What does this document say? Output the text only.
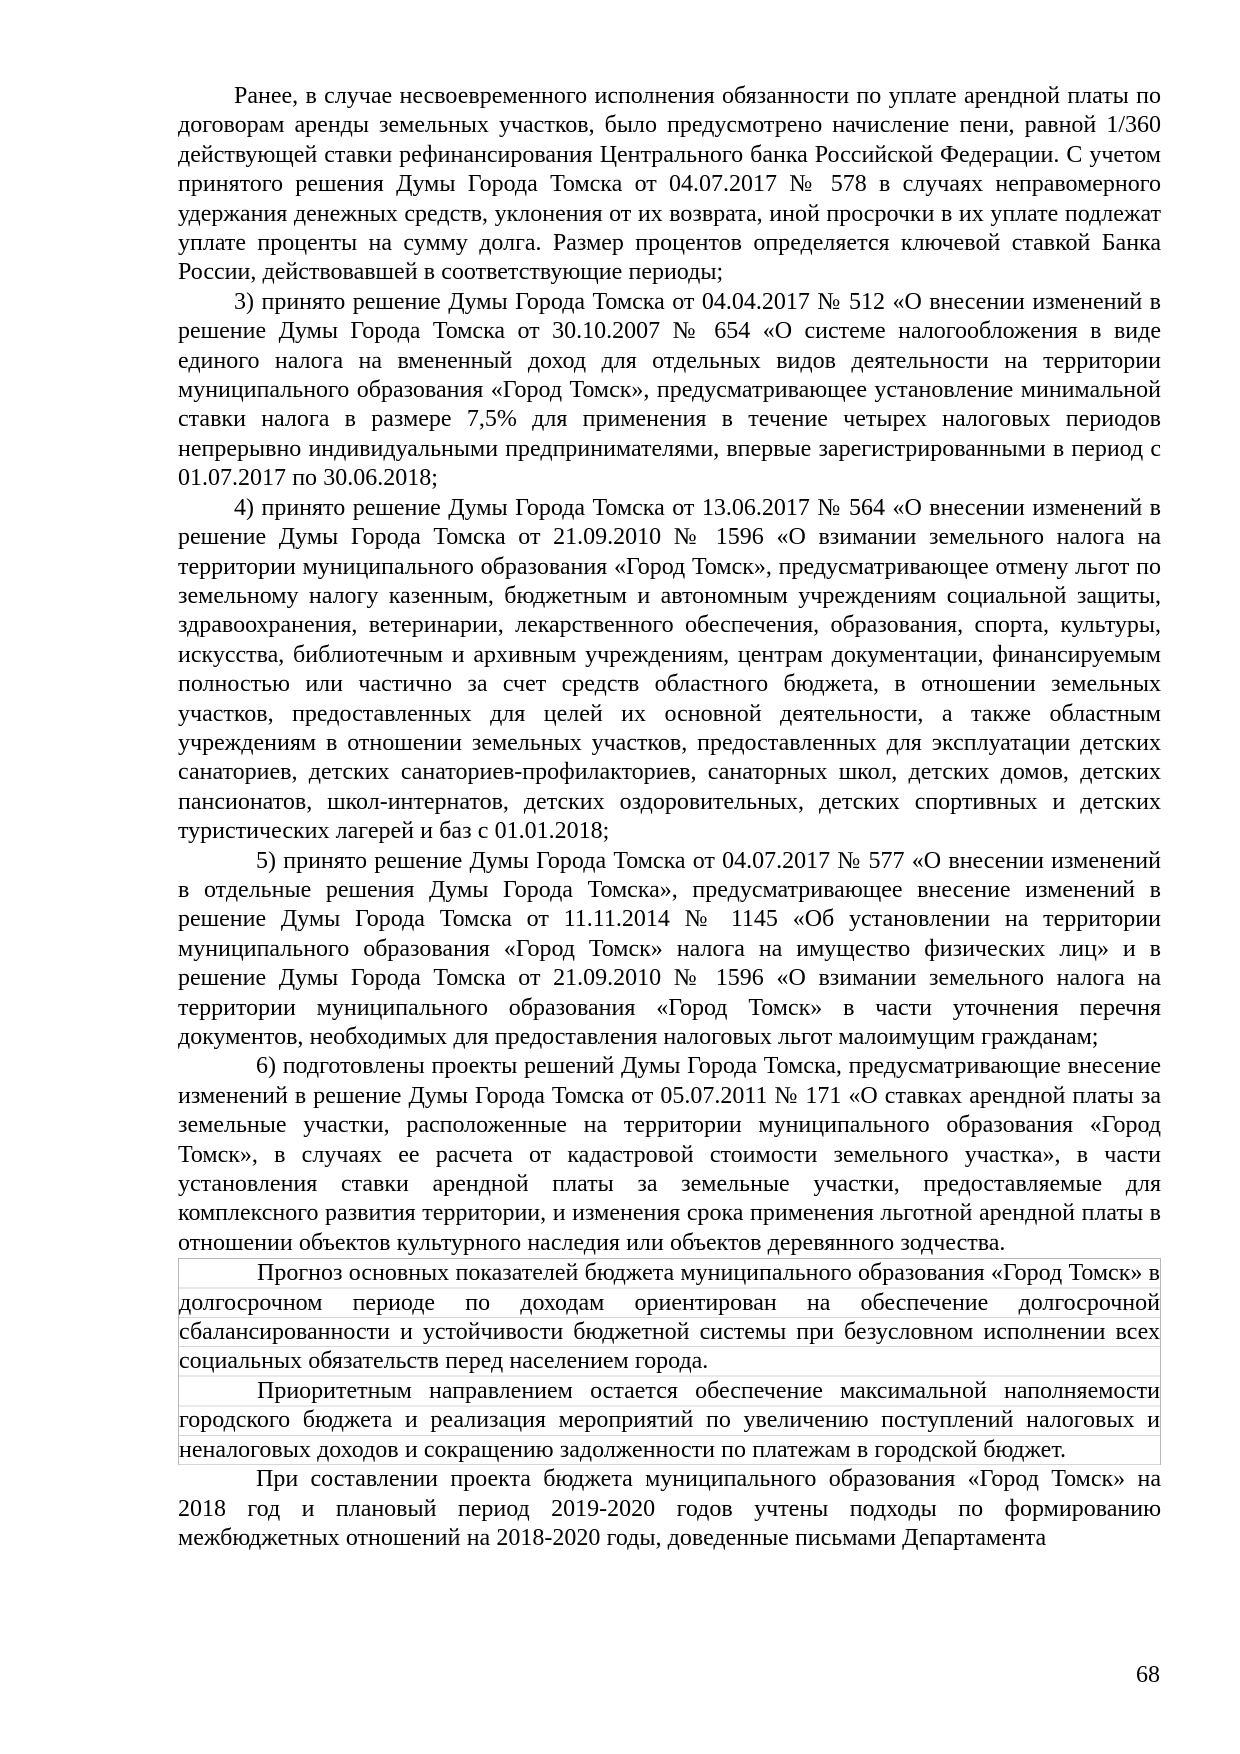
Ранее, в случае несвоевременного исполнения обязанности по уплате арендной платы по договорам аренды земельных участков, было предусмотрено начисление пени, равной 1/360 действующей ставки рефинансирования Центрального банка Российской Федерации. С учетом принятого решения Думы Города Томска от 04.07.2017 № 578 в случаях неправомерного удержания денежных средств, уклонения от их возврата, иной просрочки в их уплате подлежат уплате проценты на сумму долга. Размер процентов определяется ключевой ставкой Банка России, действовавшей в соответствующие периоды;

3) принято решение Думы Города Томска от 04.04.2017 № 512 «О внесении изменений в решение Думы Города Томска от 30.10.2007 № 654 «О системе налогообложения в виде единого налога на вмененный доход для отдельных видов деятельности на территории муниципального образования «Город Томск», предусматривающее установление минимальной ставки налога в размере 7,5% для применения в течение четырех налоговых периодов непрерывно индивидуальными предпринимателями, впервые зарегистрированными в период с 01.07.2017 по 30.06.2018;

4) принято решение Думы Города Томска от 13.06.2017 № 564 «О внесении изменений в решение Думы Города Томска от 21.09.2010 № 1596 «О взимании земельного налога на территории муниципального образования «Город Томск», предусматривающее отмену льгот по земельному налогу казенным, бюджетным и автономным учреждениям социальной защиты, здравоохранения, ветеринарии, лекарственного обеспечения, образования, спорта, культуры, искусства, библиотечным и архивным учреждениям, центрам документации, финансируемым полностью или частично за счет средств областного бюджета, в отношении земельных участков, предоставленных для целей их основной деятельности, а также областным учреждениям в отношении земельных участков, предоставленных для эксплуатации детских санаториев, детских санаториев-профилакториев, санаторных школ, детских домов, детских пансионатов, школ-интернатов, детских оздоровительных, детских спортивных и детских туристических лагерей и баз с 01.01.2018;

5) принято решение Думы Города Томска от 04.07.2017 № 577 «О внесении изменений в отдельные решения Думы Города Томска», предусматривающее внесение изменений в решение Думы Города Томска от 11.11.2014 № 1145 «Об установлении на территории муниципального образования «Город Томск» налога на имущество физических лиц» и в решение Думы Города Томска от 21.09.2010 № 1596 «О взимании земельного налога на территории муниципального образования «Город Томск» в части уточнения перечня документов, необходимых для предоставления налоговых льгот малоимущим гражданам;

6) подготовлены проекты решений Думы Города Томска, предусматривающие внесение изменений в решение Думы Города Томска от 05.07.2011 № 171 «О ставках арендной платы за земельные участки, расположенные на территории муниципального образования «Город Томск», в случаях ее расчета от кадастровой стоимости земельного участка», в части установления ставки арендной платы за земельные участки, предоставляемые для комплексного развития территории, и изменения срока применения льготной арендной платы в отношении объектов культурного наследия или объектов деревянного зодчества.

Прогноз основных показателей бюджета муниципального образования «Город Томск» в долгосрочном периоде по доходам ориентирован на обеспечение долгосрочной сбалансированности и устойчивости бюджетной системы при безусловном исполнении всех социальных обязательств перед населением города.

Приоритетным направлением остается обеспечение максимальной наполняемости городского бюджета и реализация мероприятий по увеличению поступлений налоговых и неналоговых доходов и сокращению задолженности по платежам в городской бюджет.

При составлении проекта бюджета муниципального образования «Город Томск» на 2018 год и плановый период 2019-2020 годов учтены подходы по формированию межбюджетных отношений на 2018-2020 годы, доведенные письмами Департамента

68
